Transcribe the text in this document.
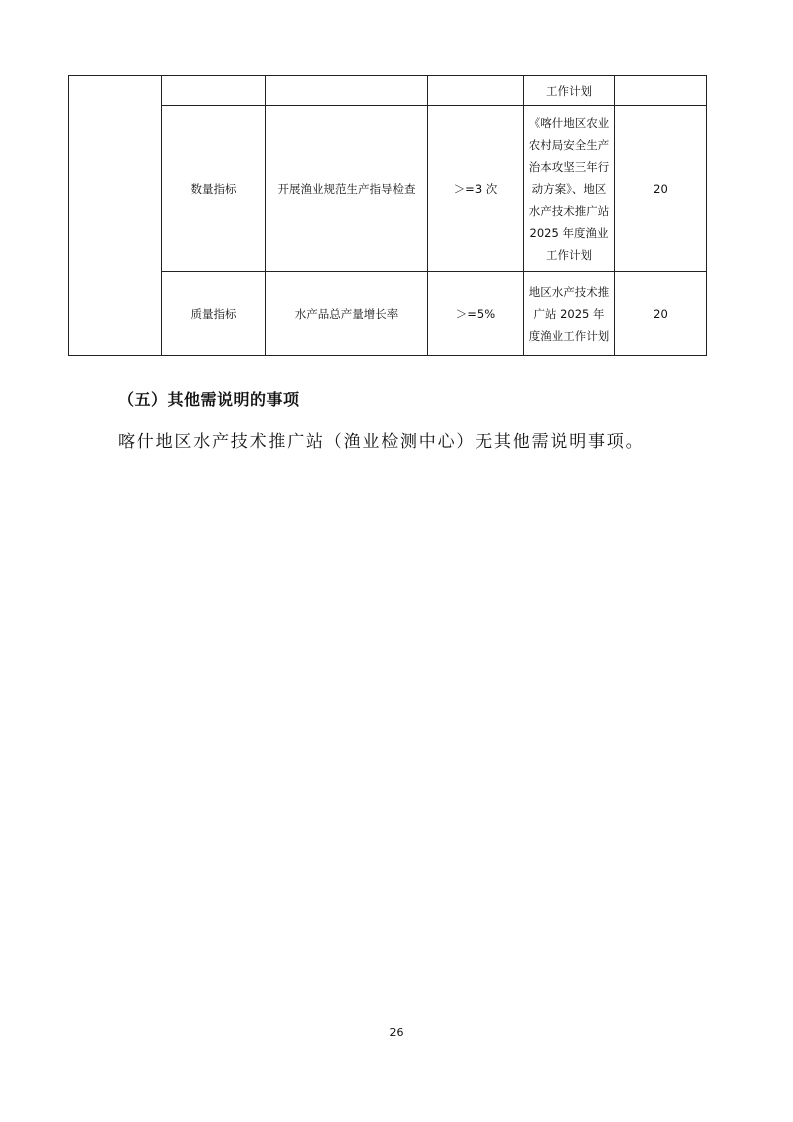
				工作计划	
	数量指标	开展渔业规范生产指导检查	＞=3 次	《喀什地区农业农村局安全生产治本攻坚三年行动方案》、地区水产技术推广站 2025 年度渔业工作计划	20
	质量指标	水产品总产量增长率	＞=5%	地区水产技术推广站 2025 年度渔业工作计划	20
（五）其他需说明的事项

喀什地区水产技术推广站（渔业检测中心）无其他需说明事项。

26
